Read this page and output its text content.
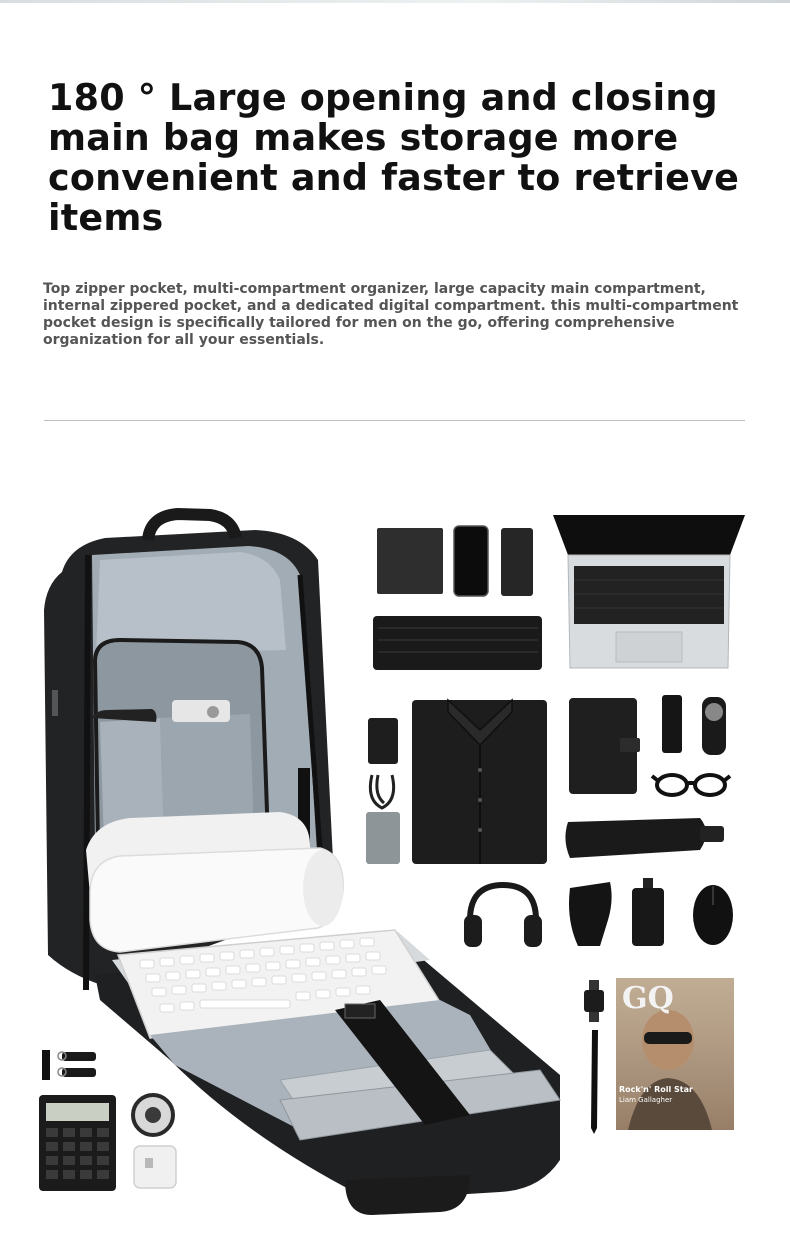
180 ° Large opening and closing main bag makes storage more convenient and faster to retrieve items

Top zipper pocket, multi-compartment organizer, large capacity main compartment, internal zippered pocket, and a dedicated digital compartment. this multi-compartment pocket design is specifically tailored for men on the go, offering comprehensive organization for all your essentials.

GQ
Rock'n' Roll Star
Liam Gallagher
